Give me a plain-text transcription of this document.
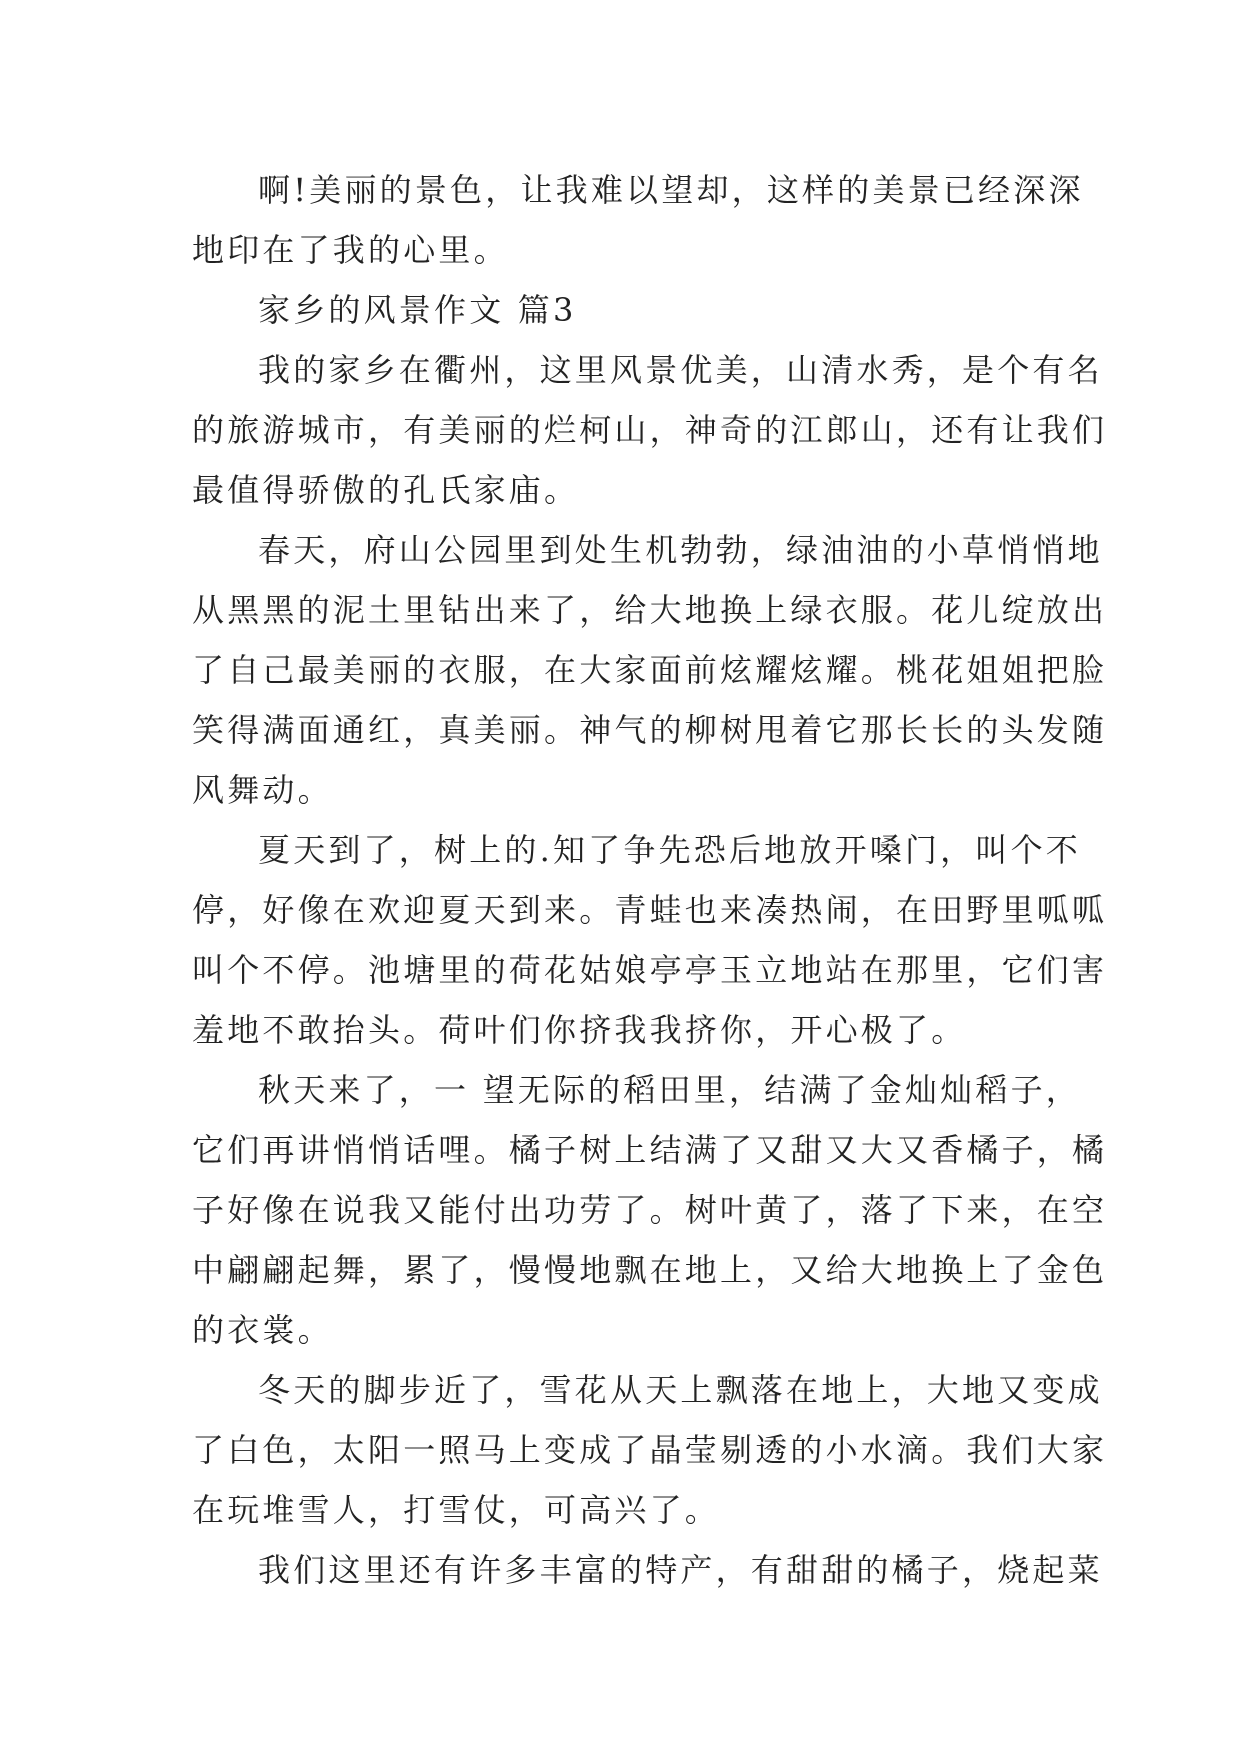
啊!美丽的景色，让我难以望却，这样的美景已经深深
地印在了我的心里。
家乡的风景作文 篇3
我的家乡在衢州，这里风景优美，山清水秀，是个有名
的旅游城市，有美丽的烂柯山，神奇的江郎山，还有让我们
最值得骄傲的孔氏家庙。
春天，府山公园里到处生机勃勃，绿油油的小草悄悄地
从黑黑的泥土里钻出来了，给大地换上绿衣服。花儿绽放出
了自己最美丽的衣服，在大家面前炫耀炫耀。桃花姐姐把脸
笑得满面通红，真美丽。神气的柳树甩着它那长长的头发随
风舞动。
夏天到了，树上的.知了争先恐后地放开嗓门，叫个不
停，好像在欢迎夏天到来。青蛙也来凑热闹，在田野里呱呱
叫个不停。池塘里的荷花姑娘亭亭玉立地站在那里，它们害
羞地不敢抬头。荷叶们你挤我我挤你，开心极了。
秋天来了，一 望无际的稻田里，结满了金灿灿稻子，
它们再讲悄悄话哩。橘子树上结满了又甜又大又香橘子，橘
子好像在说我又能付出功劳了。树叶黄了，落了下来，在空
中翩翩起舞，累了，慢慢地飘在地上，又给大地换上了金色
的衣裳。
冬天的脚步近了，雪花从天上飘落在地上，大地又变成
了白色，太阳一照马上变成了晶莹剔透的小水滴。我们大家
在玩堆雪人，打雪仗，可高兴了。
我们这里还有许多丰富的特产，有甜甜的橘子，烧起菜
